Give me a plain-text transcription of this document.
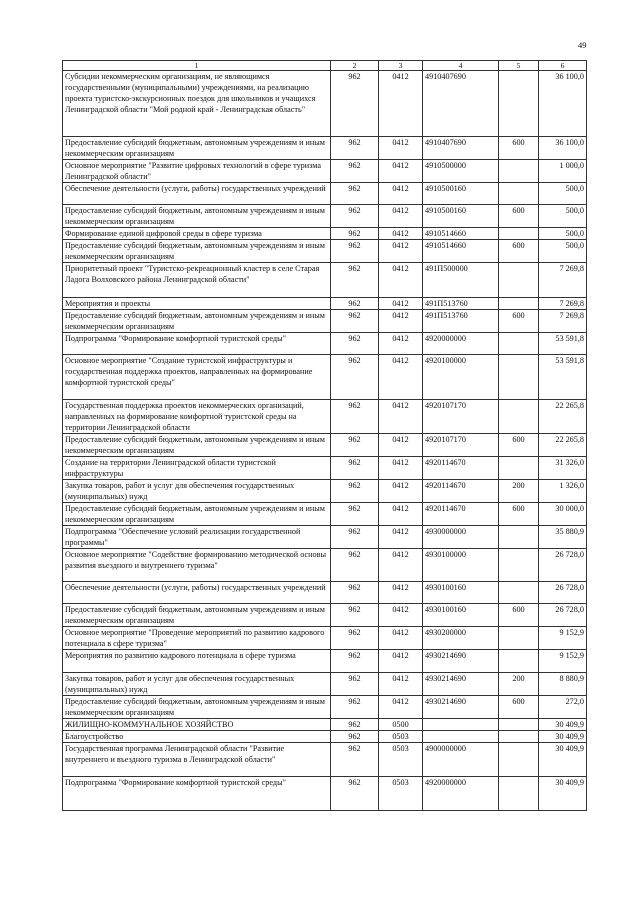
49
1	2	3	4	5	6
Субсидии некоммерческим организациям, не являющимся государственными (муниципальными) учреждениями, на реализацию проекта туристско-экскурсионных поездок для школьников и учащихся Ленинградской области "Мой родной край - Ленинградская область"	962	0412	4910407690		36 100,0
Предоставление субсидий бюджетным, автономным учреждениям и иным некоммерческим организациям	962	0412	4910407690	600	36 100,0
Основное мероприятие "Развитие цифровых технологий в сфере туризма Ленинградской области"	962	0412	4910500000		1 000,0
Обеспечение деятельности (услуги, работы) государственных учреждений	962	0412	4910500160		500,0
Предоставление субсидий бюджетным, автономным учреждениям и иным некоммерческим организациям	962	0412	4910500160	600	500,0
Формирование единой цифровой среды в сфере туризма	962	0412	4910514660		500,0
Предоставление субсидий бюджетным, автономным учреждениям и иным некоммерческим организациям	962	0412	4910514660	600	500,0
Приоритетный проект "Туристско-рекреационный кластер в селе Старая Ладога Волховского района Ленинградской области"	962	0412	491П500000		7 269,8
Мероприятия и проекты	962	0412	491П513760		7 269,8
Предоставление субсидий бюджетным, автономным учреждениям и иным некоммерческим организациям	962	0412	491П513760	600	7 269,8
Подпрограмма "Формирование комфортной туристской среды"	962	0412	4920000000		53 591,8
Основное мероприятие "Создание туристской инфраструктуры и государственная поддержка проектов, направленных на формирование комфортной туристской среды"	962	0412	4920100000		53 591,8
Государственная поддержка проектов некоммерческих организаций, направленных на формирование комфортной туристской среды на территории Ленинградской области	962	0412	4920107170		22 265,8
Предоставление субсидий бюджетным, автономным учреждениям и иным некоммерческим организациям	962	0412	4920107170	600	22 265,8
Создание на территории Ленинградской области туристской инфраструктуры	962	0412	4920114670		31 326,0
Закупка товаров, работ и услуг для обеспечения государственных (муниципальных) нужд	962	0412	4920114670	200	1 326,0
Предоставление субсидий бюджетным, автономным учреждениям и иным некоммерческим организациям	962	0412	4920114670	600	30 000,0
Подпрограмма "Обеспечение условий реализации государственной программы"	962	0412	4930000000		35 880,9
Основное мероприятие "Содействие формированию методической основы развития въездного и внутреннего туризма"	962	0412	4930100000		26 728,0
Обеспечение деятельности (услуги, работы) государственных учреждений	962	0412	4930100160		26 728,0
Предоставление субсидий бюджетным, автономным учреждениям и иным некоммерческим организациям	962	0412	4930100160	600	26 728,0
Основное мероприятие "Проведение мероприятий по развитию кадрового потенциала в сфере туризма"	962	0412	4930200000		9 152,9
Мероприятия по развитию кадрового потенциала в сфере туризма	962	0412	4930214690		9 152,9
Закупка товаров, работ и услуг для обеспечения государственных (муниципальных) нужд	962	0412	4930214690	200	8 880,9
Предоставление субсидий бюджетным, автономным учреждениям и иным некоммерческим организациям	962	0412	4930214690	600	272,0
ЖИЛИЩНО-КОММУНАЛЬНОЕ ХОЗЯЙСТВО	962	0500			30 409,9
Благоустройство	962	0503			30 409,9
Государственная программа Ленинградской области "Развитие внутреннего и въездного туризма в Ленинградской области"	962	0503	4900000000		30 409,9
Подпрограмма "Формирование комфортной туристской среды"	962	0503	4920000000		30 409,9
